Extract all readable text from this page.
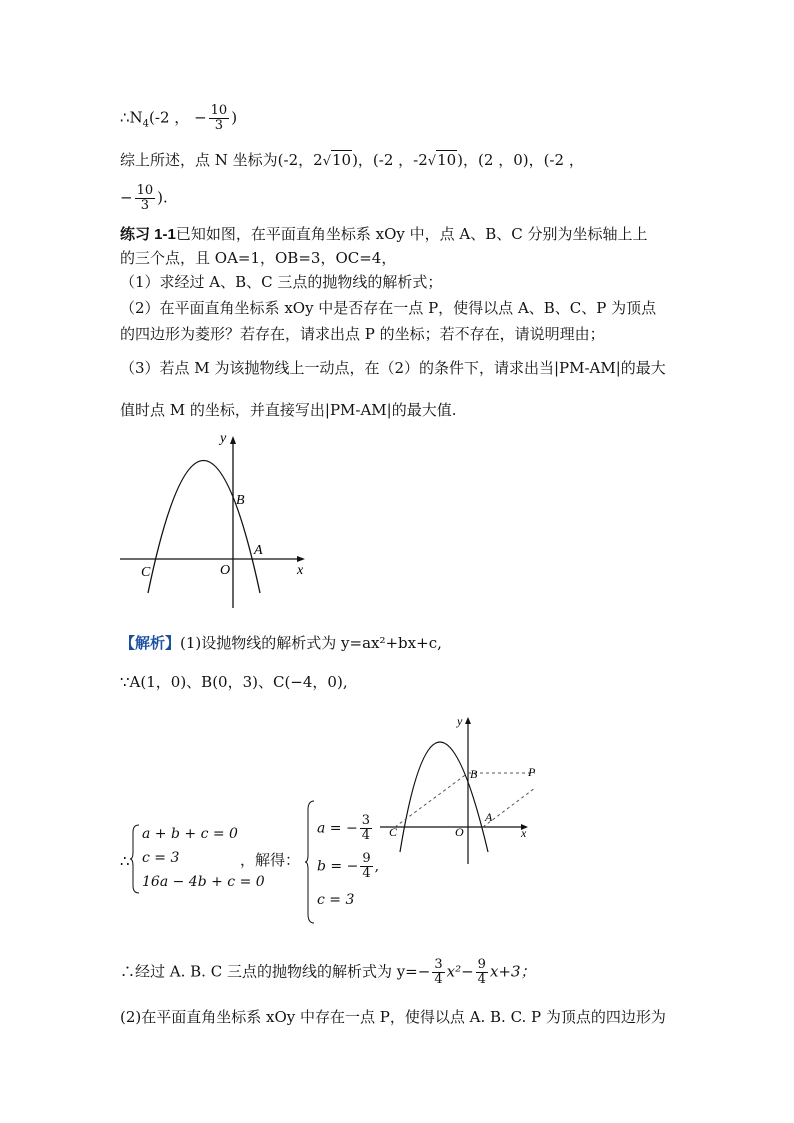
$\therefore N_4(-2$ ， − $\frac{10}{3}$ )
综上所述，点 N 坐标为(-2，2√10)，(-2 ，-2√10)，(2 ，0)，(-2 ，
− $\frac{10}{3}$ ).
练习 1-1已知如图，在平面直角坐标系 xOy 中，点 A、B、C 分别为坐标轴上上
的三个点，且 OA=1，OB=3，OC=4，
（1）求经过 A、B、C 三点的抛物线的解析式；
（2）在平面直角坐标系 xOy 中是否存在一点 P，使得以点 A、B、C、P 为顶点
的四边形为菱形？若存在，请求出点 P 的坐标；若不存在，请说明理由；
（3）若点 M 为该抛物线上一动点，在（2）的条件下，请求出当|PM-AM|的最大
值时点 M 的坐标，并直接写出|PM-AM|的最大值.
y
x
B
A
C	O
【解析】(1)设抛物线的解析式为 y=ax²+bx+c,
∵A(1，0)、B(0，3)、C(−4，0),
y
x
B
A
C	O
P
∴
a + b + c = 0
c = 3
16a − 4b + c = 0
，解得：
a = − $\frac{3}{4}$
b = − $\frac{9}{4}$ ,
c = 3
∴经过 A. B. C 三点的抛物线的解析式为 $y=- \frac{3}{4} x^2- \frac{9}{4} x+3$；
(2)在平面直角坐标系 xOy 中存在一点 P，使得以点 A. B. C. P 为顶点的四边形为
